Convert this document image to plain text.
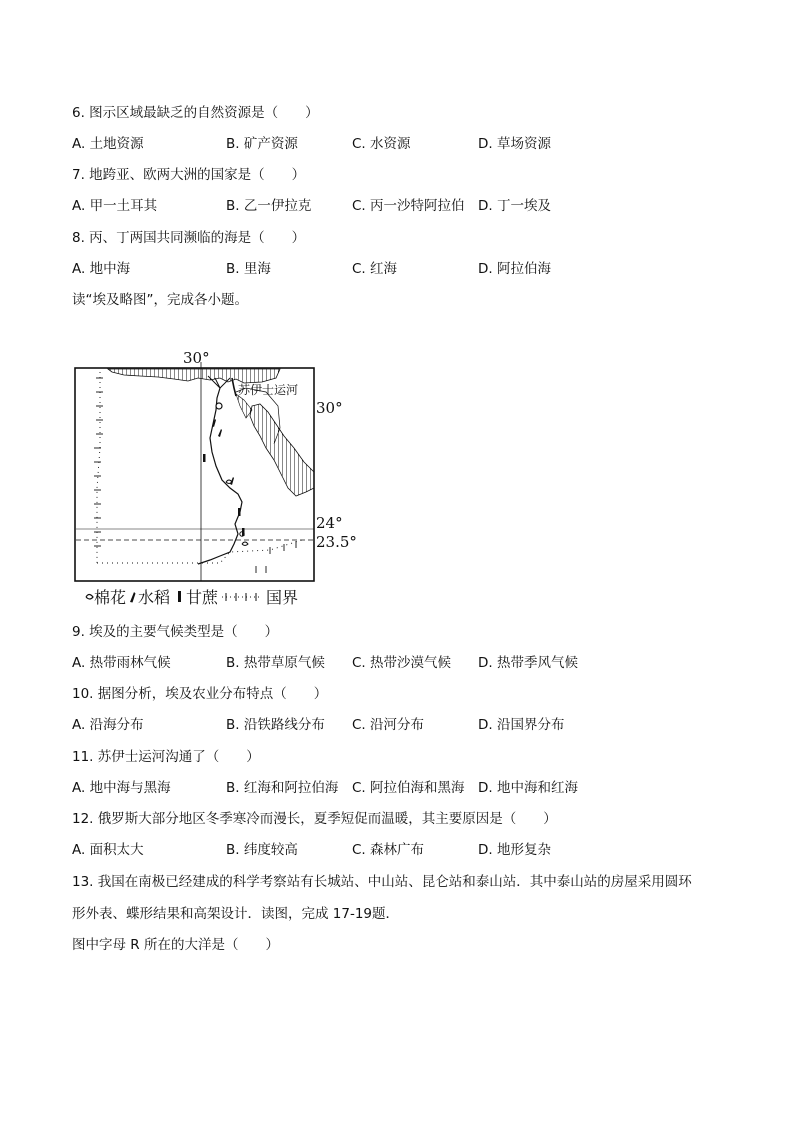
6. 图示区域最缺乏的自然资源是（　　）
A. 土地资源	B. 矿产资源	C. 水资源	D. 草场资源
7. 地跨亚、欧两大洲的国家是（　　）
A. 甲一土耳其	B. 乙一伊拉克	C. 丙一沙特阿拉伯 D. 丁一埃及
8. 丙、丁两国共同濒临的海是（　　）
A. 地中海	B. 里海	C. 红海	D. 阿拉伯海
读“埃及略图”，完成各小题。
苏伊士运河
30°
30°
24°
23.5°
棉花 水稻 甘蔗	国界
9. 埃及的主要气候类型是（　　）
A. 热带雨林气候	B. 热带草原气候 C. 热带沙漠气候 D. 热带季风气候
10. 据图分析，埃及农业分布特点（　　）
A. 沿海分布	B. 沿铁路线分布 C. 沿河分布	D. 沿国界分布
11. 苏伊士运河沟通了（　　）
A. 地中海与黑海	B. 红海和阿拉伯海 C. 阿拉伯海和黑海 D. 地中海和红海
12. 俄罗斯大部分地区冬季寒冷而漫长，夏季短促而温暖，其主要原因是（　　）
A. 面积太大	B. 纬度较高	C. 森林广布	D. 地形复杂
13. 我国在南极已经建成的科学考察站有长城站、中山站、昆仑站和泰山站．其中泰山站的房屋采用圆环
形外表、蝶形结果和高架设计．读图，完成 17-19题．
图中字母 R 所在的大洋是（　　）
